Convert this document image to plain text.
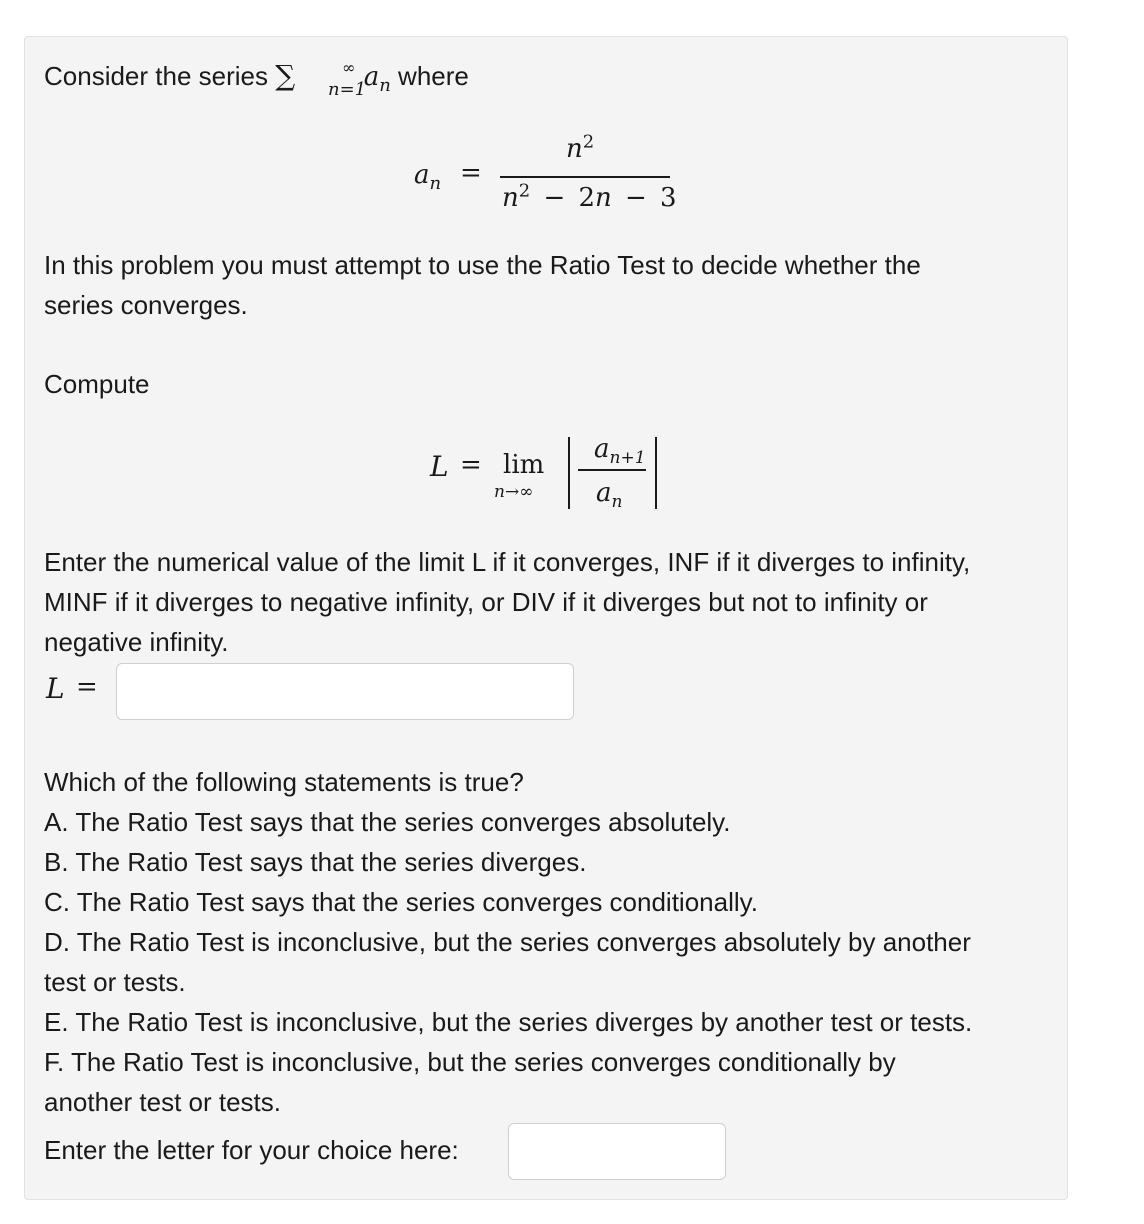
Consider the series ∑	∞
n=1
$a_n$ where
$a_n$ =
$n^2$
$n^2 - 2n - 3$
In this problem you must attempt to use the Ratio Test to decide whether the
series converges.
Compute
L = lim
n→∞
$a_{n+1}$
$a_n$
Enter the numerical value of the limit L if it converges, INF if it diverges to infinity,
MINF if it diverges to negative infinity, or DIV if it diverges but not to infinity or
negative infinity.
L =
Which of the following statements is true?
A. The Ratio Test says that the series converges absolutely.
B. The Ratio Test says that the series diverges.
C. The Ratio Test says that the series converges conditionally.
D. The Ratio Test is inconclusive, but the series converges absolutely by another
test or tests.
E. The Ratio Test is inconclusive, but the series diverges by another test or tests.
F. The Ratio Test is inconclusive, but the series converges conditionally by
another test or tests.
Enter the letter for your choice here:
